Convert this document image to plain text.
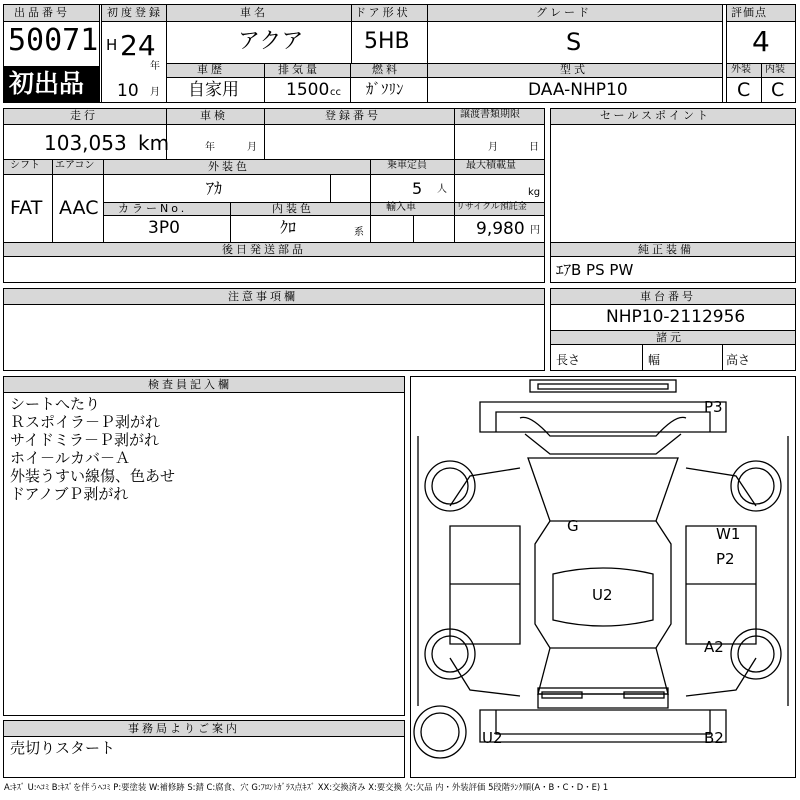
初出品
出品番号
50071
初度登録
H 24
年
10 月
車名
アクア
ドア形状
5HB
グレード
S
評価点
4
車歴
自家用
排気量
1500 cc
燃料
ｶﾞｿﾘﾝ
型式
DAA-NHP10
外装 内装
C C
走行
103,053 km
車検
年	月
登録番号	譲渡書類期限
月	日
シフト エアコン
FAT AAC
外装色
ｱｶ
乗車定員
5 人
最大積載量
kg
カラーNo.
3P0
内装色
ｸﾛ	系
輸入車	リサイクル預託金
9,980 円
後日発送部品
セールスポイント
純正装備
ｴｱB PS PW
注意事項欄	車台番号
NHP10-2112956
諸元
長さ	幅	高さ
検査員記入欄
シートへたり
Ｒスポイラ－Ｐ剥がれ
サイドミラ－Ｐ剥がれ
ホイ－ルカバ－Ａ
外装うすい線傷、色あせ
ドアノブＰ剥がれ
事務局よりご案内
売切りスタート
P3
G	W1
P2
U2
A2
U2	B2
A:ｷｽﾞ U:ﾍｺﾐ B:ｷｽﾞを伴うﾍｺﾐ P:要塗装 W:補修跡 S:錆 C:腐食、穴 G:ﾌﾛﾝﾄｶﾞﾗｽ点ｷｽﾞ XX:交換済み X:要交換 欠:欠品 内・外装評価 5段階ﾗﾝｸ順(A・B・C・D・E) 1
